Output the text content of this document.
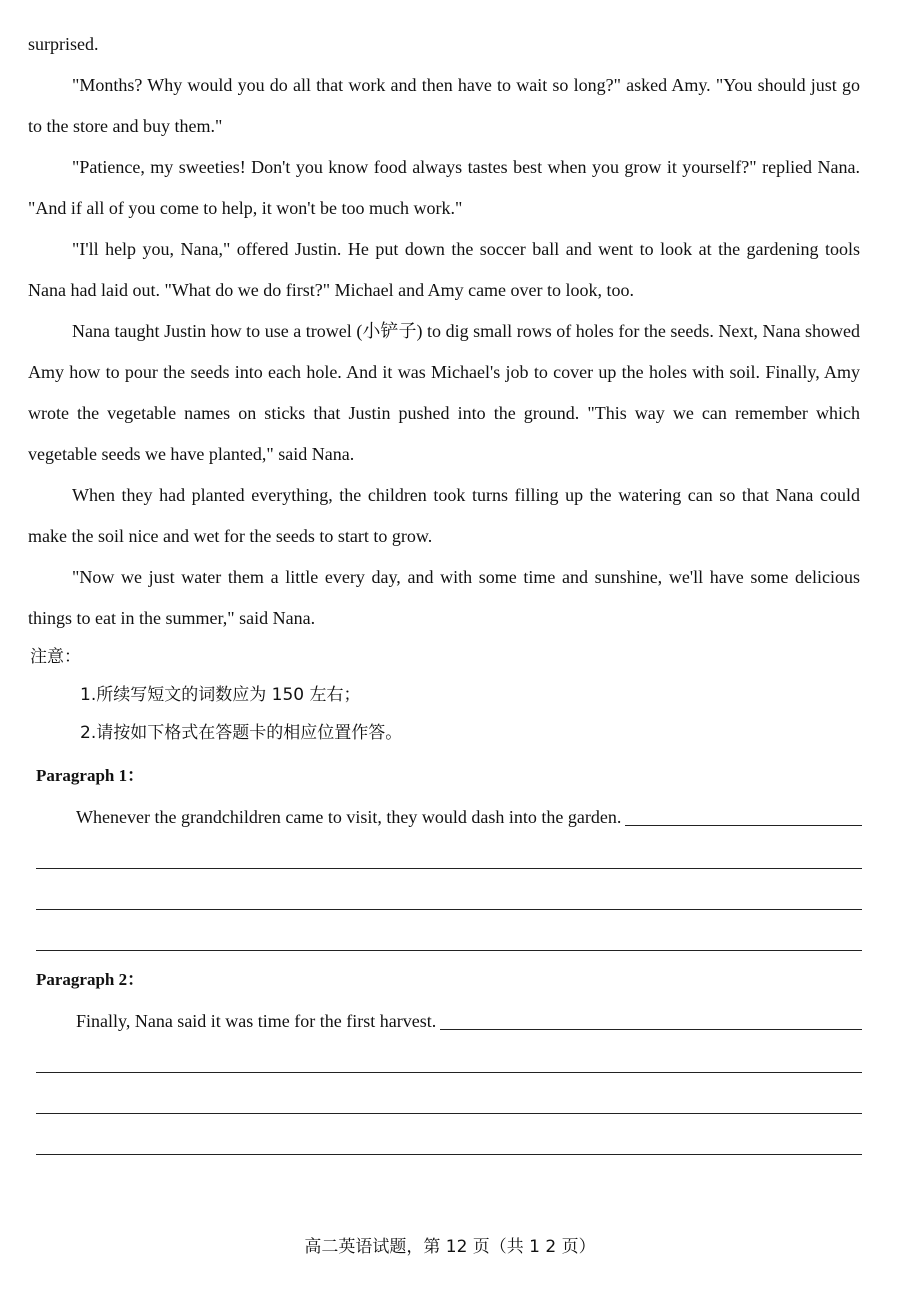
surprised.

"Months? Why would you do all that work and then have to wait so long?" asked Amy. "You should just go to the store and buy them."

"Patience, my sweeties! Don't you know food always tastes best when you grow it yourself?" replied Nana. "And if all of you come to help, it won't be too much work."

"I'll help you, Nana," offered Justin. He put down the soccer ball and went to look at the gardening tools Nana had laid out. "What do we do first?" Michael and Amy came over to look, too.

Nana taught Justin how to use a trowel (小铲子) to dig small rows of holes for the seeds. Next, Nana showed Amy how to pour the seeds into each hole. And it was Michael's job to cover up the holes with soil. Finally, Amy wrote the vegetable names on sticks that Justin pushed into the ground. "This way we can remember which vegetable seeds we have planted," said Nana.

When they had planted everything, the children took turns filling up the watering can so that Nana could make the soil nice and wet for the seeds to start to grow.

"Now we just water them a little every day, and with some time and sunshine, we'll have some delicious things to eat in the summer," said Nana.

注意：
1.所续写短文的词数应为 150 左右；
2.请按如下格式在答题卡的相应位置作答。
Paragraph 1：
Whenever the grandchildren came to visit, they would dash into the garden.
Paragraph 2：
Finally, Nana said it was time for the first harvest.
高二英语试题，第 12 页（共 1 2 页）
